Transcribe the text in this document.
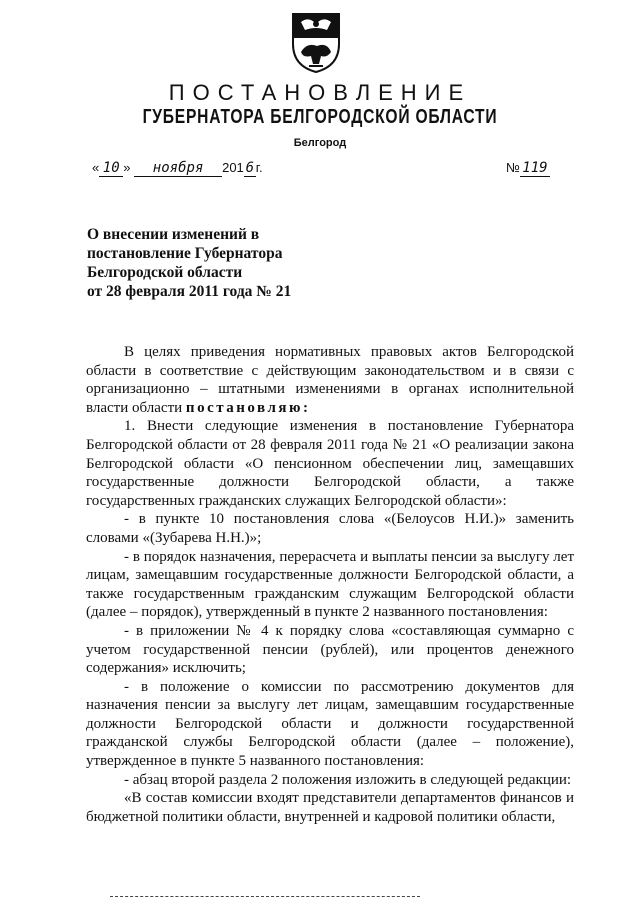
ПОСТАНОВЛЕНИЕ
ГУБЕРНАТОРА БЕЛГОРОДСКОЙ ОБЛАСТИ
Белгород
« 10 » ноября 201 6 г.	№ 119
О внесении изменений в
постановление Губернатора
Белгородской области
от 28 февраля 2011 года № 21

В целях приведения нормативных правовых актов Белгородской области в соответствие с действующим законодательством и в связи с организационно – штатными изменениями в органах исполнительной власти области постановляю:

1. Внести следующие изменения в постановление Губернатора Белгородской области от 28 февраля 2011 года № 21 «О реализации закона Белгородской области «О пенсионном обеспечении лиц, замещавших государственные должности Белгородской области, а также государственных гражданских служащих Белгородской области»:

- в пункте 10 постановления слова «(Белоусов Н.И.)» заменить словами «(Зубарева Н.Н.)»;

- в порядок назначения, перерасчета и выплаты пенсии за выслугу лет лицам, замещавшим государственные должности Белгородской области, а также государственным гражданским служащим Белгородской области (далее – порядок), утвержденный в пункте 2 названного постановления:

- в приложении № 4 к порядку слова «составляющая суммарно с учетом государственной пенсии (рублей), или процентов денежного содержания» исключить;

- в положение о комиссии по рассмотрению документов для назначения пенсии за выслугу лет лицам, замещавшим государственные должности Белгородской области и должности государственной гражданской службы Белгородской области (далее – положение), утвержденное в пункте 5 названного постановления:

- абзац второй раздела 2 положения изложить в следующей редакции:

«В состав комиссии входят представители департаментов финансов и бюджетной политики области, внутренней и кадровой политики области,
